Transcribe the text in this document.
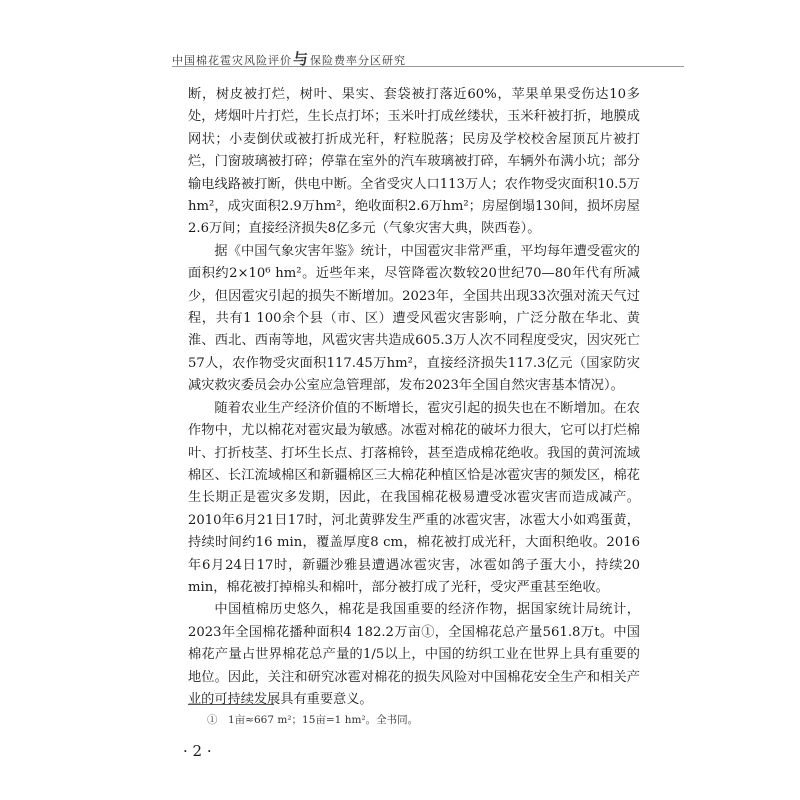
中国棉花雹灾风险评价与保险费率分区研究

断，树皮被打烂，树叶、果实、套袋被打落近60%，苹果单果受伤达10多处，烤烟叶片打烂，生长点打坏；玉米叶打成丝缕状，玉米秆被打折，地膜成网状；小麦倒伏或被打折成光秆，籽粒脱落；民房及学校校舍屋顶瓦片被打烂，门窗玻璃被打碎；停靠在室外的汽车玻璃被打碎，车辆外布满小坑；部分输电线路被打断，供电中断。全省受灾人口113万人；农作物受灾面积10.5万hm²，成灾面积2.9万hm²，绝收面积2.6万hm²；房屋倒塌130间，损坏房屋2.6万间；直接经济损失8亿多元（气象灾害大典，陕西卷）。

据《中国气象灾害年鉴》统计，中国雹灾非常严重，平均每年遭受雹灾的面积约2×10⁶ hm²。近些年来，尽管降雹次数较20世纪70—80年代有所减少，但因雹灾引起的损失不断增加。2023年，全国共出现33次强对流天气过程，共有1 100余个县（市、区）遭受风雹灾害影响，广泛分散在华北、黄淮、西北、西南等地，风雹灾害共造成605.3万人次不同程度受灾，因灾死亡57人，农作物受灾面积117.45万hm²，直接经济损失117.3亿元（国家防灾减灾救灾委员会办公室应急管理部，发布2023年全国自然灾害基本情况）。

随着农业生产经济价值的不断增长，雹灾引起的损失也在不断增加。在农作物中，尤以棉花对雹灾最为敏感。冰雹对棉花的破坏力很大，它可以打烂棉叶、打折枝茎、打坏生长点、打落棉铃，甚至造成棉花绝收。我国的黄河流域棉区、长江流域棉区和新疆棉区三大棉花种植区恰是冰雹灾害的频发区，棉花生长期正是雹灾多发期，因此，在我国棉花极易遭受冰雹灾害而造成减产。2010年6月21日17时，河北黄骅发生严重的冰雹灾害，冰雹大小如鸡蛋黄，持续时间约16 min，覆盖厚度8 cm，棉花被打成光秆，大面积绝收。2016年6月24日17时，新疆沙雅县遭遇冰雹灾害，冰雹如鸽子蛋大小，持续20 min，棉花被打掉棉头和棉叶，部分被打成了光秆，受灾严重甚至绝收。

中国植棉历史悠久，棉花是我国重要的经济作物，据国家统计局统计，2023年全国棉花播种面积4 182.2万亩①，全国棉花总产量561.8万t。中国棉花产量占世界棉花总产量的1/5以上，中国的纺织工业在世界上具有重要的地位。因此，关注和研究冰雹对棉花的损失风险对中国棉花安全生产和相关产业的可持续发展具有重要意义。

①　1亩≈667 m²；15亩=1 hm²。全书同。
· 2 ·
